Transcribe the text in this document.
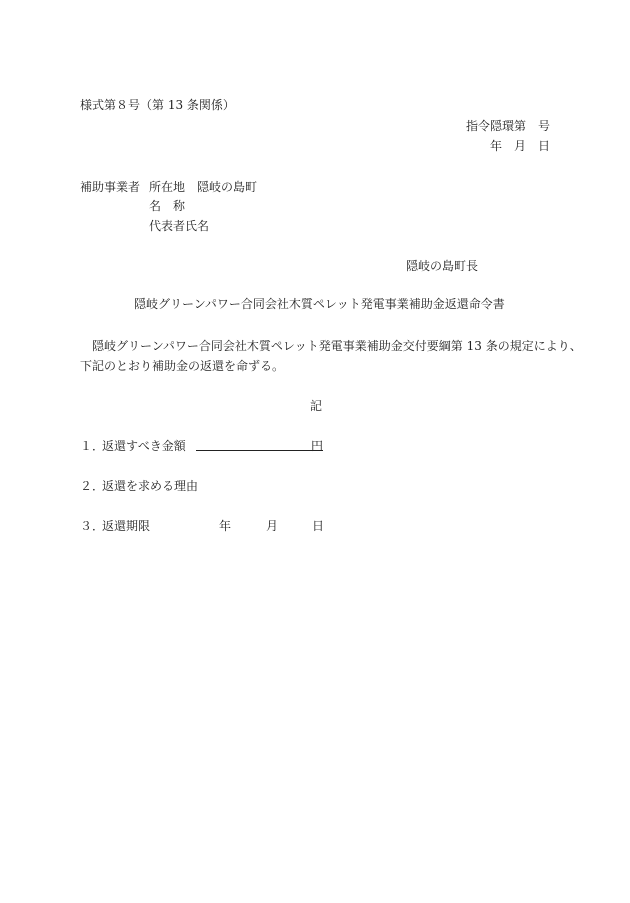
様式第８号（第 13 条関係）
指令隠環第　号
年 月 日
補助事業者 所在地 隠岐の島町
名　称
代表者氏名
隠岐の島町長
隠岐グリーンパワー合同会社木質ペレット発電事業補助金返還命令書
隠岐グリーンパワー合同会社木質ペレット発電事業補助金交付要綱第 13 条の規定により、
下記のとおり補助金の返還を命ずる。
記
１．返還すべき金額	円
２．返還を求める理由
３．返還期限	年	月	日
